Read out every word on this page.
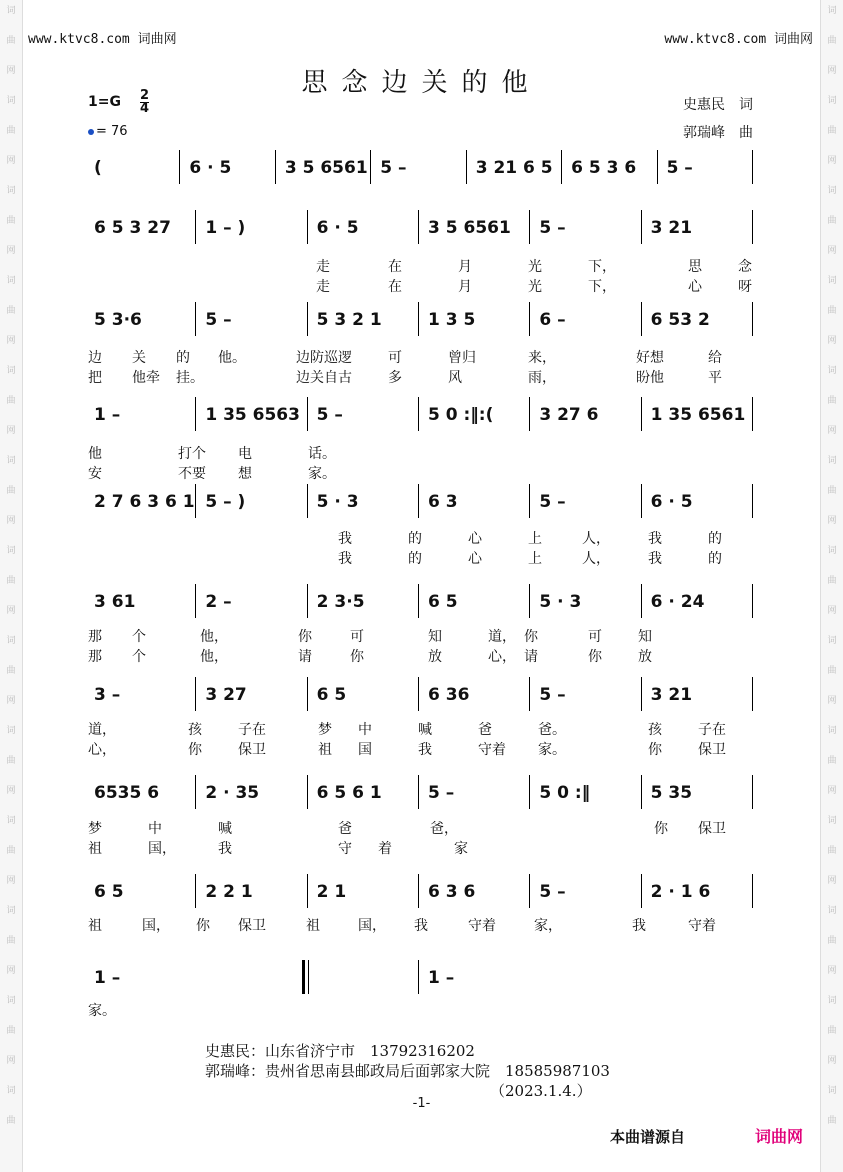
词
曲
网
词
曲
网
词
曲
网
词
曲
网
词
曲
网
词
曲
网
词
曲
网
词
曲
网
词
曲
网
词
曲
网
词
曲
网
词
曲
网
词
曲
词
曲
网
词
曲
网
词
曲
网
词
曲
网
词
曲
网
词
曲
网
词
曲
网
词
曲
网
词
曲
网
词
曲
网
词
曲
网
词
曲
网
词
曲
www.ktvc8.com 词曲网	www.ktvc8.com 词曲网
思念边关的他
1=G 2
4
= 76
史惠民　词
郭瑞峰　曲
(	6 · 5	3 5 6561 5 –	3 21 6 5 6 5 3 6 5 –
6 5 3 27 1 – )	6 · 5	3 5 6561 5 –	3 21
5 3·6	5 –	5 3 2 1	1 3 5	6 –	6 53 2
1 –	1 35 6563 5 –	5 0 :‖:(	3 27 6	1 35 6561
2 7 6 3 6 1 5 – )	5 · 3	6 3	5 –	6 · 5
3 61	2 –	2 3·5	6 5	5 · 3	6 · 24
3 –	3 27	6 5	6 36	5 –	3 21
6535 6	2 · 35	6 5 6 1	5 –	5 0 :‖	5 35
6 5	2 2 1	2 1	6 3 6	5 –	2 · 1 6
1 –	1 –
走	在	月	光	下，	思	念
走	在	月	光	下，	心	呀
边 关 的 他。	边防巡逻	可	曾归	来，	好想	给
把 他牵 挂。	边关自古	多	风	雨，	盼他	平
他	打个 电	话。
安	不要 想	家。
我	的	心	上	人，	我	的
我	的	心	上	人，	我	的
那 个	他，	你	可	知	道， 你	可	知
那 个	他，	请	你	放	心， 请	你	放
道，	孩	子在	梦 中	喊	爸	爸。	孩	子在
心，	你	保卫	祖 国	我	守着 家。	你	保卫
梦	中	喊	爸	爸，	你 保卫
祖	国，	我	守 着	家
祖	国， 你 保卫	祖	国， 我	守着	家，	我	守着
家。
史惠民：山东省济宁市　13792316202
郭瑞峰：贵州省思南县邮政局后面郭家大院　18585987103
（2023.1.4.）
-1-
本曲谱源自	词曲网
